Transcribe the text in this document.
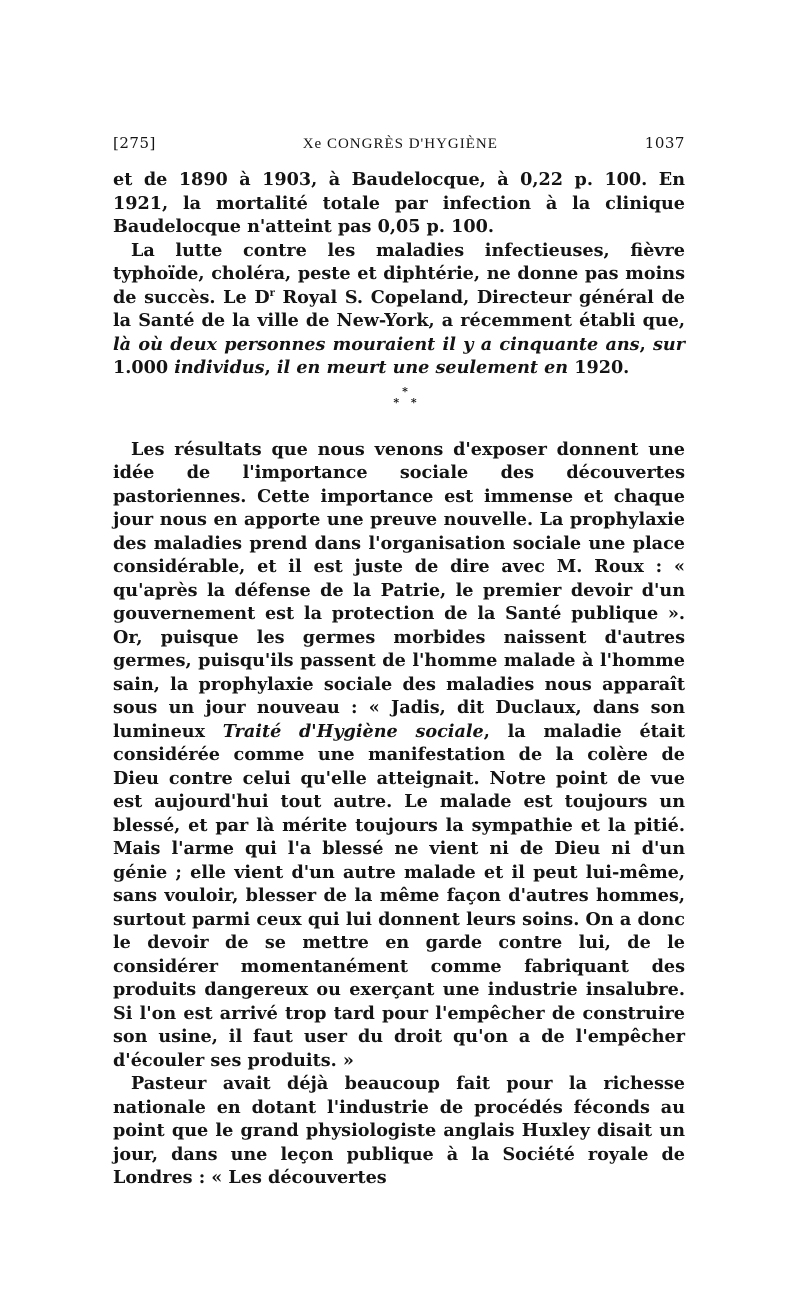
[275]	Xe CONGRÈS D'HYGIÈNE	1037

et de 1890 à 1903, à Baudelocque, à 0,22 p. 100. En 1921, la mortalité totale par infection à la clinique Baudelocque n'atteint pas 0,05 p. 100.

La lutte contre les maladies infectieuses, fièvre typhoïde, choléra, peste et diphtérie, ne donne pas moins de succès. Le $D^r$ Royal S. Copeland, Directeur général de la Santé de la ville de New-York, a récemment établi que, là où deux personnes mouraient il y a cinquante ans, sur 1.000 individus, il en meurt une seulement en 1920.

*
* *

Les résultats que nous venons d'exposer donnent une idée de l'importance sociale des découvertes pastoriennes. Cette importance est immense et chaque jour nous en apporte une preuve nouvelle. La prophylaxie des maladies prend dans l'organisation sociale une place considérable, et il est juste de dire avec M. Roux : « qu'après la défense de la Patrie, le premier devoir d'un gouvernement est la protection de la Santé publique ». Or, puisque les germes morbides naissent d'autres germes, puisqu'ils passent de l'homme malade à l'homme sain, la prophylaxie sociale des maladies nous apparaît sous un jour nouveau : « Jadis, dit Duclaux, dans son lumineux Traité d'Hygiène sociale, la maladie était considérée comme une manifestation de la colère de Dieu contre celui qu'elle atteignait. Notre point de vue est aujourd'hui tout autre. Le malade est toujours un blessé, et par là mérite toujours la sympathie et la pitié. Mais l'arme qui l'a blessé ne vient ni de Dieu ni d'un génie ; elle vient d'un autre malade et il peut lui-même, sans vouloir, blesser de la même façon d'autres hommes, surtout parmi ceux qui lui donnent leurs soins. On a donc le devoir de se mettre en garde contre lui, de le considérer momentanément comme fabriquant des produits dangereux ou exerçant une industrie insalubre. Si l'on est arrivé trop tard pour l'empêcher de construire son usine, il faut user du droit qu'on a de l'empêcher d'écouler ses produits. »

Pasteur avait déjà beaucoup fait pour la richesse nationale en dotant l'industrie de procédés féconds au point que le grand physiologiste anglais Huxley disait un jour, dans une leçon publique à la Société royale de Londres : « Les découvertes
